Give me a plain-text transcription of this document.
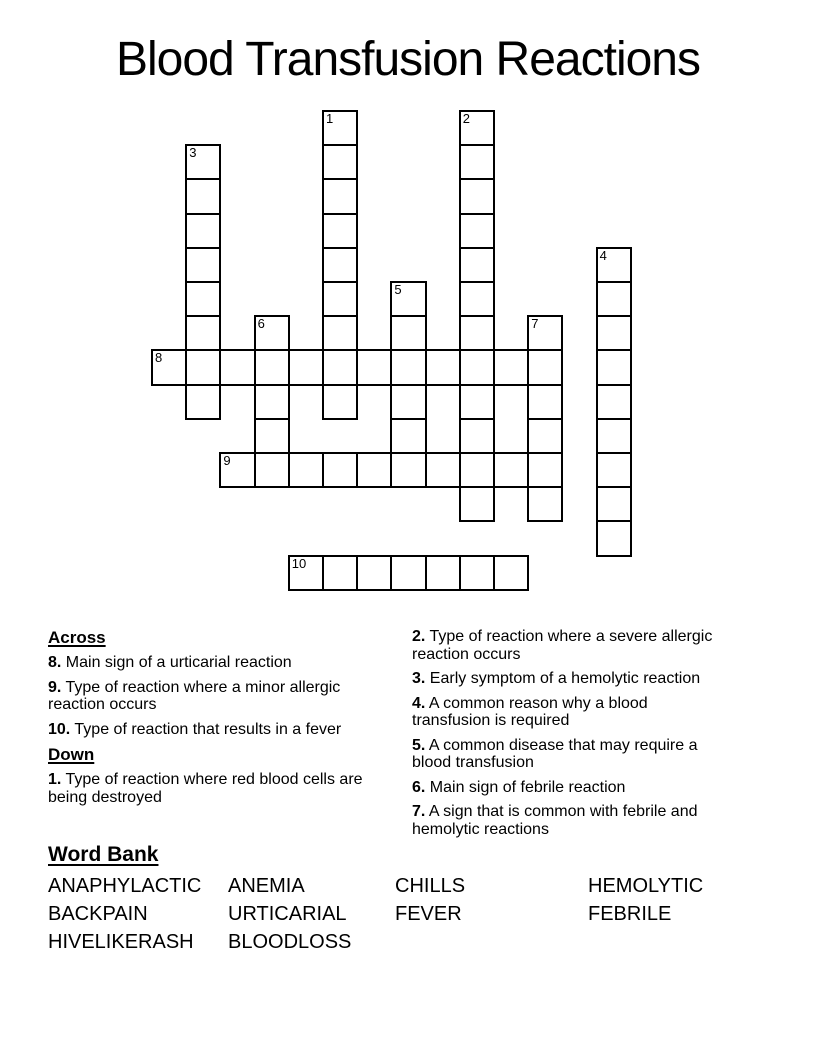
Blood Transfusion Reactions
1	2
3
4
5
6	7
8
9
10
Across
8. Main sign of a urticarial reaction
9. Type of reaction where a minor allergic reaction occurs
10. Type of reaction that results in a fever
Down
1. Type of reaction where red blood cells are being destroyed
2. Type of reaction where a severe allergic reaction occurs
3. Early symptom of a hemolytic reaction
4. A common reason why a blood transfusion is required
5. A common disease that may require a blood transfusion
6. Main sign of febrile reaction
7. A sign that is common with febrile and hemolytic reactions
Word Bank
ANAPHYLACTIC
BACKPAIN
HIVELIKERASH
ANEMIA
URTICARIAL
BLOODLOSS
CHILLS
FEVER
HEMOLYTIC
FEBRILE
